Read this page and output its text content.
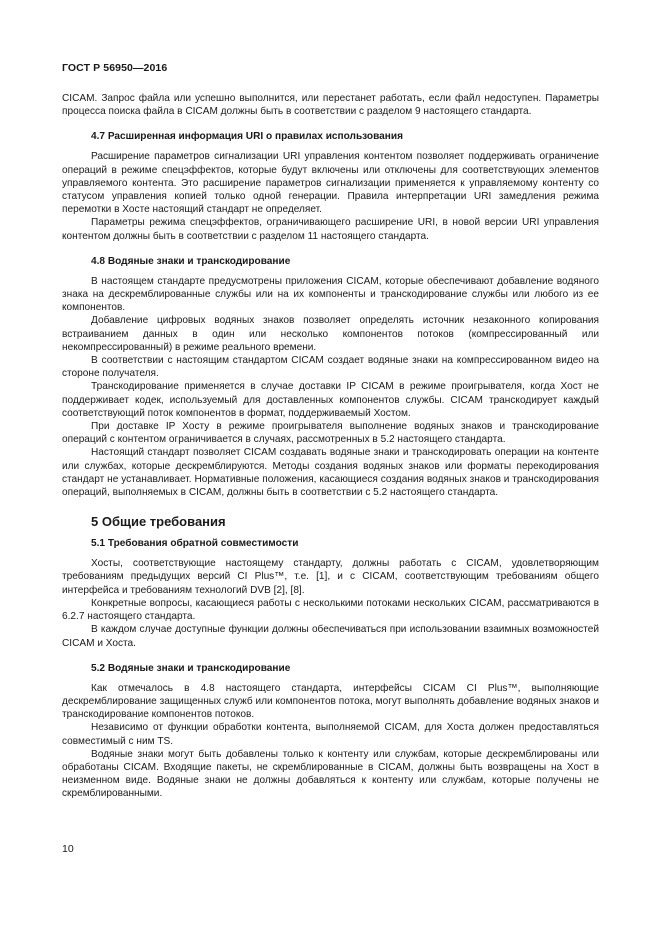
ГОСТ Р 56950—2016

CICAM. Запрос файла или успешно выполнится, или перестанет работать, если файл недоступен. Параметры процесса поиска файла в CICAM должны быть в соответствии с разделом 9 настоящего стандарта.

4.7 Расширенная информация URI о правилах использования

Расширение параметров сигнализации URI управления контентом позволяет поддерживать ограничение операций в режиме спецэффектов, которые будут включены или отключены для соответствующих элементов управляемого контента. Это расширение параметров сигнализации применяется к управляемому контенту со статусом управления копией только одной генерации. Правила интерпретации URI замедления режима перемотки в Хосте настоящий стандарт не определяет.

Параметры режима спецэффектов, ограничивающего расширение URI, в новой версии URI управления контентом должны быть в соответствии с разделом 11 настоящего стандарта.

4.8 Водяные знаки и транскодирование

В настоящем стандарте предусмотрены приложения CICAM, которые обеспечивают добавление водяного знака на дескремблированные службы или на их компоненты и транскодирование службы или любого из ее компонентов.

Добавление цифровых водяных знаков позволяет определять источник незаконного копирования встраиванием данных в один или несколько компонентов потоков (компрессированный или некомпрессированный) в режиме реального времени.

В соответствии с настоящим стандартом CICAM создает водяные знаки на компрессированном видео на стороне получателя.

Транскодирование применяется в случае доставки IP CICAM в режиме проигрывателя, когда Хост не поддерживает кодек, используемый для доставленных компонентов службы. CICAM транскодирует каждый соответствующий поток компонентов в формат, поддерживаемый Хостом.

При доставке IP Хосту в режиме проигрывателя выполнение водяных знаков и транскодирование операций с контентом ограничивается в случаях, рассмотренных в 5.2 настоящего стандарта.

Настоящий стандарт позволяет CICAM создавать водяные знаки и транскодировать операции на контенте или службах, которые дескремблируются. Методы создания водяных знаков или форматы перекодирования стандарт не устанавливает. Нормативные положения, касающиеся создания водяных знаков и транскодирования операций, выполняемых в CICAM, должны быть в соответствии с 5.2 настоящего стандарта.

5 Общие требования
5.1 Требования обратной совместимости

Хосты, соответствующие настоящему стандарту, должны работать с CICAM, удовлетворяющим требованиям предыдущих версий CI Plus™, т.е. [1], и с CICAM, соответствующим требованиям общего интерфейса и требованиям технологий DVB [2], [8].

Конкретные вопросы, касающиеся работы с несколькими потоками нескольких CICAM, рассматриваются в 6.2.7 настоящего стандарта.

В каждом случае доступные функции должны обеспечиваться при использовании взаимных возможностей CICAM и Хоста.

5.2 Водяные знаки и транскодирование

Как отмечалось в 4.8 настоящего стандарта, интерфейсы CICAM CI Plus™, выполняющие дескремблирование защищенных служб или компонентов потока, могут выполнять добавление водяных знаков и транскодирование компонентов потоков.

Независимо от функции обработки контента, выполняемой CICAM, для Хоста должен предоставляться совместимый с ним TS.

Водяные знаки могут быть добавлены только к контенту или службам, которые дескремблированы или обработаны CICAM. Входящие пакеты, не скремблированные в CICAM, должны быть возвращены на Хост в неизменном виде. Водяные знаки не должны добавляться к контенту или службам, которые получены не скремблированными.

10
